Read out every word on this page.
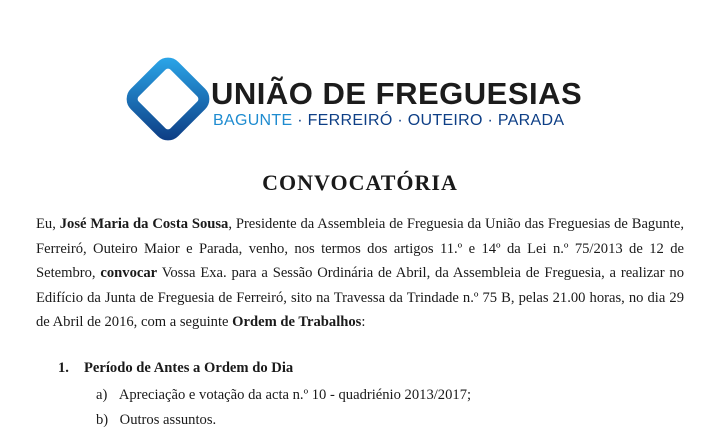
UNIÃO DE FREGUESIAS
BAGUNTE · FERREIRÓ · OUTEIRO · PARADA
CONVOCATÓRIA

Eu, José Maria da Costa Sousa, Presidente da Assembleia de Freguesia da União das Freguesias de Bagunte, Ferreiró, Outeiro Maior e Parada, venho, nos termos dos artigos 11.º e 14º da Lei n.º 75/2013 de 12 de Setembro, convocar Vossa Exa. para a Sessão Ordinária de Abril, da Assembleia de Freguesia, a realizar no Edifício da Junta de Freguesia de Ferreiró, sito na Travessa da Trindade n.º 75 B, pelas 21.00 horas, no dia 29 de Abril de 2016, com a seguinte Ordem de Trabalhos:

1. Período de Antes a Ordem do Dia
a) Apreciação e votação da acta n.º 10 - quadriénio 2013/2017;
b) Outros assuntos.
